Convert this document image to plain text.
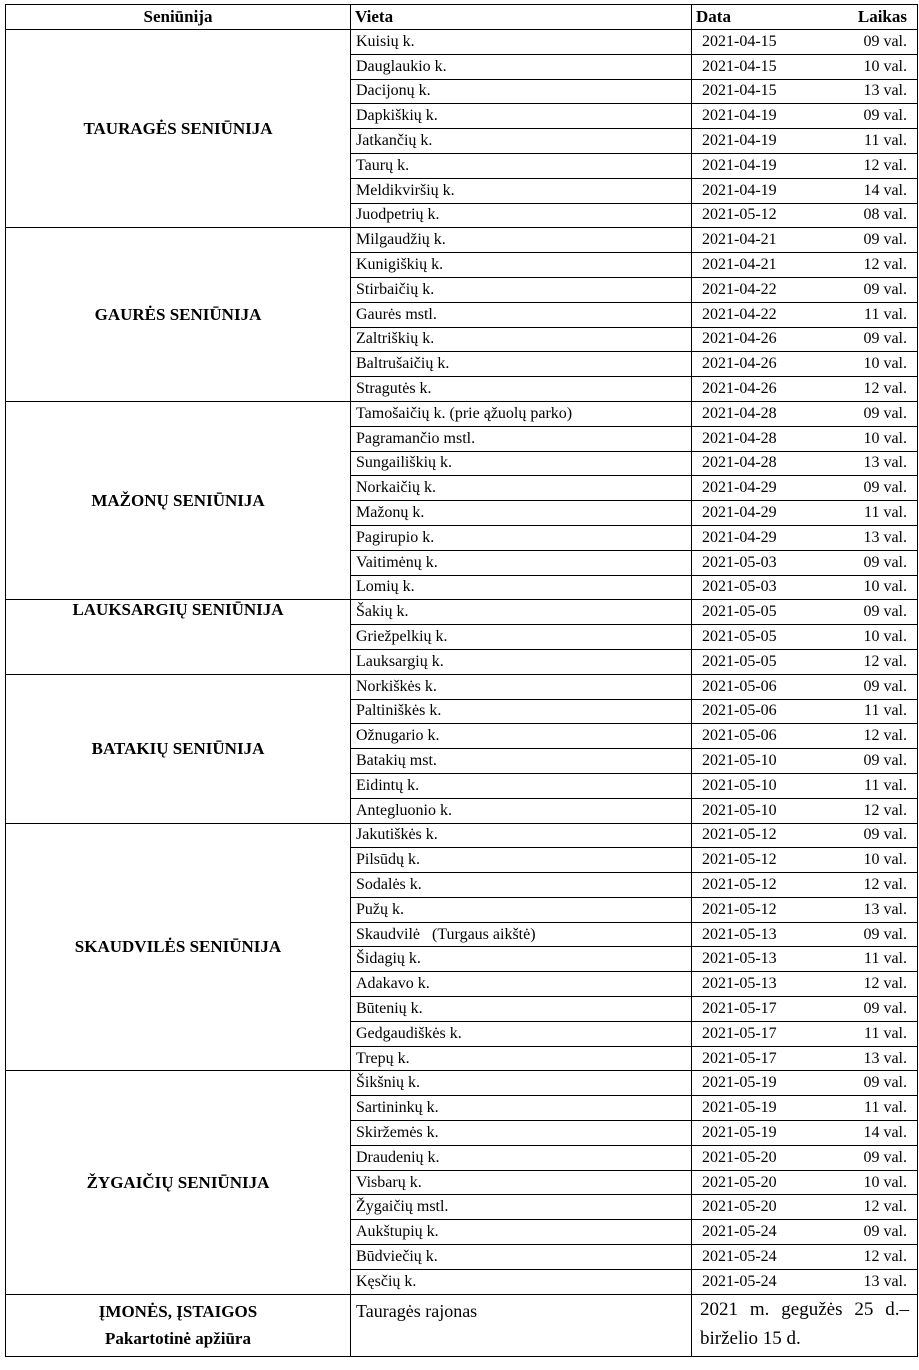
Seniūnija	Vieta	Data Laikas

TAURAGĖS SENIŪNIJA	Kuisių k.	2021-04-15 09 val.

	Dauglaukio k.	2021-04-15 10 val.

	Dacijonų k.	2021-04-15 13 val.

	Dapkiškių k.	2021-04-19 09 val.

	Jatkančių k.	2021-04-19 11 val.

	Taurų k.	2021-04-19 12 val.

	Meldikviršių k.	2021-04-19 14 val.

	Juodpetrių k.	2021-05-12 08 val.

GAURĖS SENIŪNIJA	Milgaudžių k.	2021-04-21 09 val.

	Kunigiškių k.	2021-04-21 12 val.

	Stirbaičių k.	2021-04-22 09 val.

	Gaurės mstl.	2021-04-22 11 val.

	Zaltriškių k.	2021-04-26 09 val.

	Baltrušaičių k.	2021-04-26 10 val.

	Stragutės k.	2021-04-26 12 val.

MAŽONŲ SENIŪNIJA	Tamošaičių k. (prie ąžuolų parko)	2021-04-28 09 val.

	Pagramančio mstl.	2021-04-28 10 val.

	Sungailiškių k.	2021-04-28 13 val.

	Norkaičių k.	2021-04-29 09 val.

	Mažonų k.	2021-04-29 11 val.

	Pagirupio k.	2021-04-29 13 val.

	Vaitimėnų k.	2021-05-03 09 val.

	Lomių k.	2021-05-03 10 val.

LAUKSARGIŲ SENIŪNIJA	Šakių k.	2021-05-05 09 val.

	Griežpelkių k.	2021-05-05 10 val.

	Lauksargių k.	2021-05-05 12 val.

BATAKIŲ SENIŪNIJA	Norkiškės k.	2021-05-06 09 val.

	Paltiniškės k.	2021-05-06 11 val.

	Ožnugario k.	2021-05-06 12 val.

	Batakių mst.	2021-05-10 09 val.

	Eidintų k.	2021-05-10 11 val.

	Antegluonio k.	2021-05-10 12 val.

SKAUDVILĖS SENIŪNIJA	Jakutiškės k.	2021-05-12 09 val.

	Pilsūdų k.	2021-05-12 10 val.

	Sodalės k.	2021-05-12 12 val.

	Pužų k.	2021-05-12 13 val.

	Skaudvilė   (Turgaus aikštė)	2021-05-13 09 val.

	Šidagių k.	2021-05-13 11 val.

	Adakavo k.	2021-05-13 12 val.

	Būtenių k.	2021-05-17 09 val.

	Gedgaudiškės k.	2021-05-17 11 val.

	Trepų k.	2021-05-17 13 val.

ŽYGAIČIŲ SENIŪNIJA	Šikšnių k.	2021-05-19 09 val.

	Sartininkų k.	2021-05-19 11 val.

	Skiržemės k.	2021-05-19 14 val.

	Draudenių k.	2021-05-20 09 val.

	Visbarų k.	2021-05-20 10 val.

	Žygaičių mstl.	2021-05-20 12 val.

	Aukštupių k.	2021-05-24 09 val.

	Būdviečių k.	2021-05-24 12 val.

	Kęsčių k.	2021-05-24 13 val.

ĮMONĖS, ĮSTAIGOS
Pakartotinė apžiūra	Tauragės rajonas	2021 m. gegužės 25 d.– birželio 15 d.
